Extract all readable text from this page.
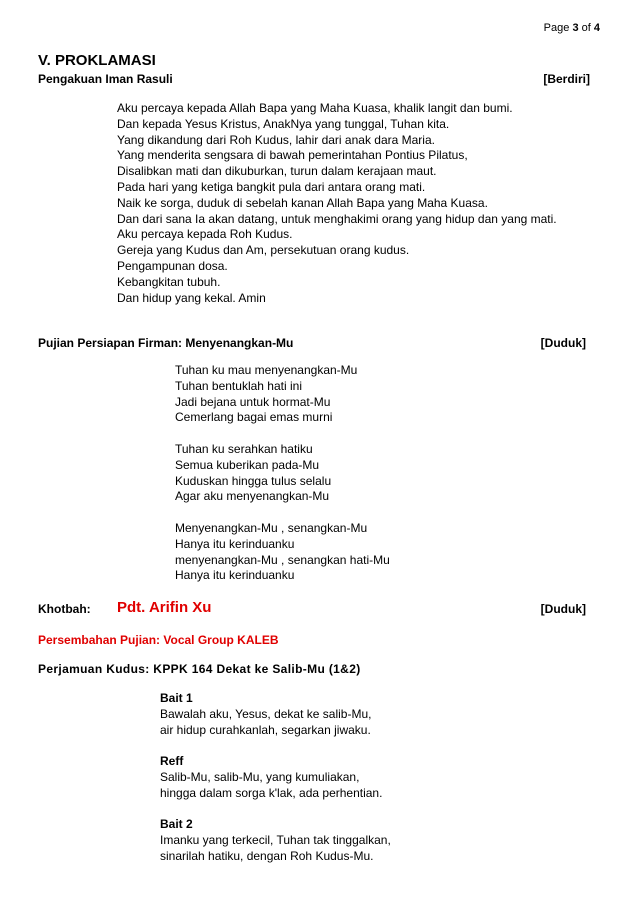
Page 3 of 4
V. PROKLAMASI
Pengakuan Iman Rasuli	[Berdiri]
Aku percaya kepada Allah Bapa yang Maha Kuasa, khalik langit dan bumi.
Dan kepada Yesus Kristus, AnakNya yang tunggal, Tuhan kita.
Yang dikandung dari Roh Kudus, lahir dari anak dara Maria.
Yang menderita sengsara di bawah pemerintahan Pontius Pilatus,
Disalibkan mati dan dikuburkan, turun dalam kerajaan maut.
Pada hari yang ketiga bangkit pula dari antara orang mati.
Naik ke sorga, duduk di sebelah kanan Allah Bapa yang Maha Kuasa.
Dan dari sana Ia akan datang, untuk menghakimi orang yang hidup dan yang mati.
Aku percaya kepada Roh Kudus.
Gereja yang Kudus dan Am, persekutuan orang kudus.
Pengampunan dosa.
Kebangkitan tubuh.
Dan hidup yang kekal. Amin
Pujian Persiapan Firman: Menyenangkan-Mu	[Duduk]
Tuhan ku mau menyenangkan-Mu
Tuhan bentuklah hati ini
Jadi bejana untuk hormat-Mu
Cemerlang bagai emas murni
Tuhan ku serahkan hatiku
Semua kuberikan pada-Mu
Kuduskan hingga tulus selalu
Agar aku menyenangkan-Mu
Menyenangkan-Mu , senangkan-Mu
Hanya itu kerinduanku
menyenangkan-Mu , senangkan hati-Mu
Hanya itu kerinduanku
Khotbah: Pdt. Arifin Xu	[Duduk]
Persembahan Pujian: Vocal Group KALEB
Perjamuan Kudus: KPPK 164 Dekat ke Salib-Mu (1&2)
Bait 1
Bawalah aku, Yesus, dekat ke salib-Mu,
air hidup curahkanlah, segarkan jiwaku.
Reff
Salib-Mu, salib-Mu, yang kumuliakan,
hingga dalam sorga k'lak, ada perhentian.
Bait 2
Imanku yang terkecil, Tuhan tak tinggalkan,
sinarilah hatiku, dengan Roh Kudus-Mu.
